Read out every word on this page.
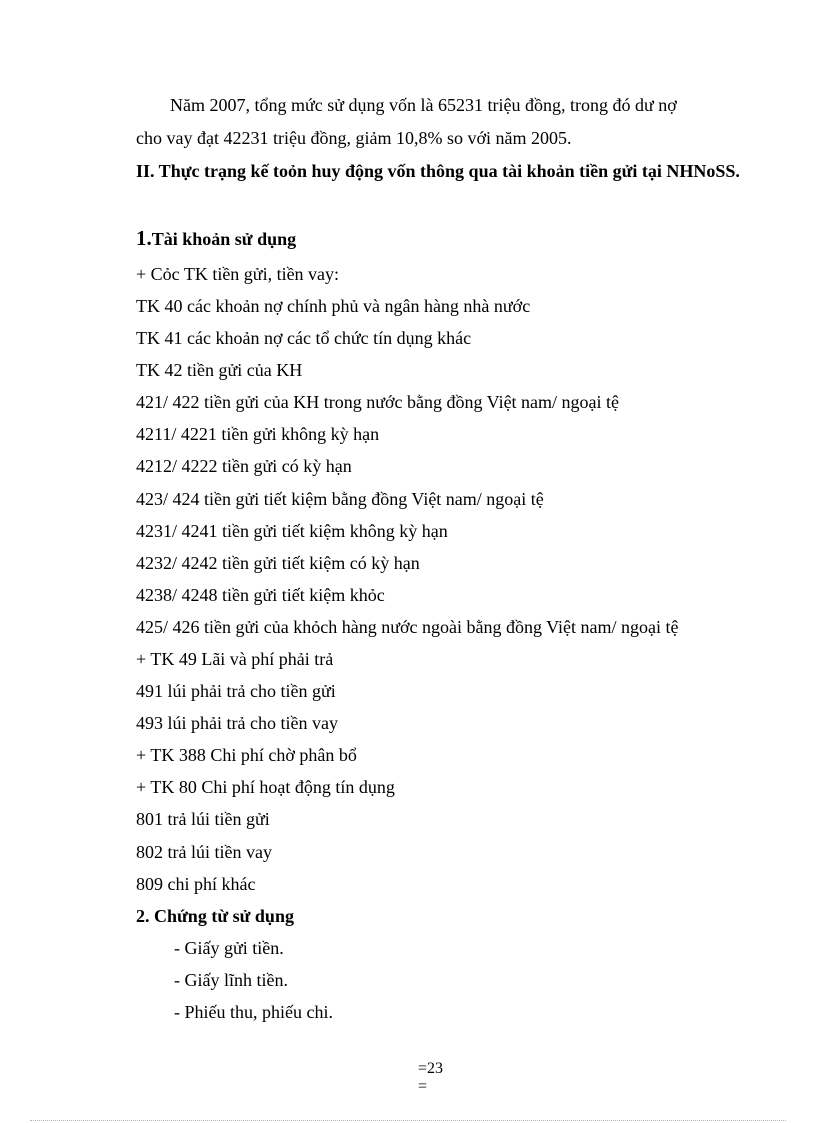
Năm 2007, tổng mức sử dụng vốn là 65231 triệu đồng, trong đó dư nợ
cho vay đạt 42231 triệu đồng, giảm 10,8% so với năm 2005.
II. Thực trạng kế toỏn huy động vốn thông qua tài khoản tiền gửi tại NHNoSS.
1.Tài khoản sử dụng
+ Cỏc TK tiền gửi, tiền vay:
TK 40 các khoản nợ chính phủ và ngân hàng nhà nước
TK 41 các khoản nợ các tổ chức tín dụng khác
TK 42 tiền gửi của KH
421/ 422 tiền gửi của KH trong nước bằng đồng Việt nam/ ngoại tệ
4211/ 4221 tiền gửi không kỳ hạn
4212/ 4222 tiền gửi có kỳ hạn
423/ 424 tiền gửi tiết kiệm bằng đồng Việt nam/ ngoại tệ
4231/ 4241 tiền gửi tiết kiệm không kỳ hạn
4232/ 4242 tiền gửi tiết kiệm có kỳ hạn
4238/ 4248 tiền gửi tiết kiệm khỏc
425/ 426 tiền gửi của khỏch hàng nước ngoài bằng đồng Việt nam/ ngoại tệ
+ TK 49 Lãi và phí phải trả
491 lúi phải trả cho tiền gửi
493 lúi phải trả cho tiền vay
+ TK 388 Chi phí chờ phân bổ
+ TK 80 Chi phí hoạt động tín dụng
801 trả lúi tiền gửi
802 trả lúi tiền vay
809 chi phí khác
2. Chứng từ sử dụng
- Giấy gửi tiền.
- Giấy lĩnh tiền.
- Phiếu thu, phiếu chi.
=23
=
